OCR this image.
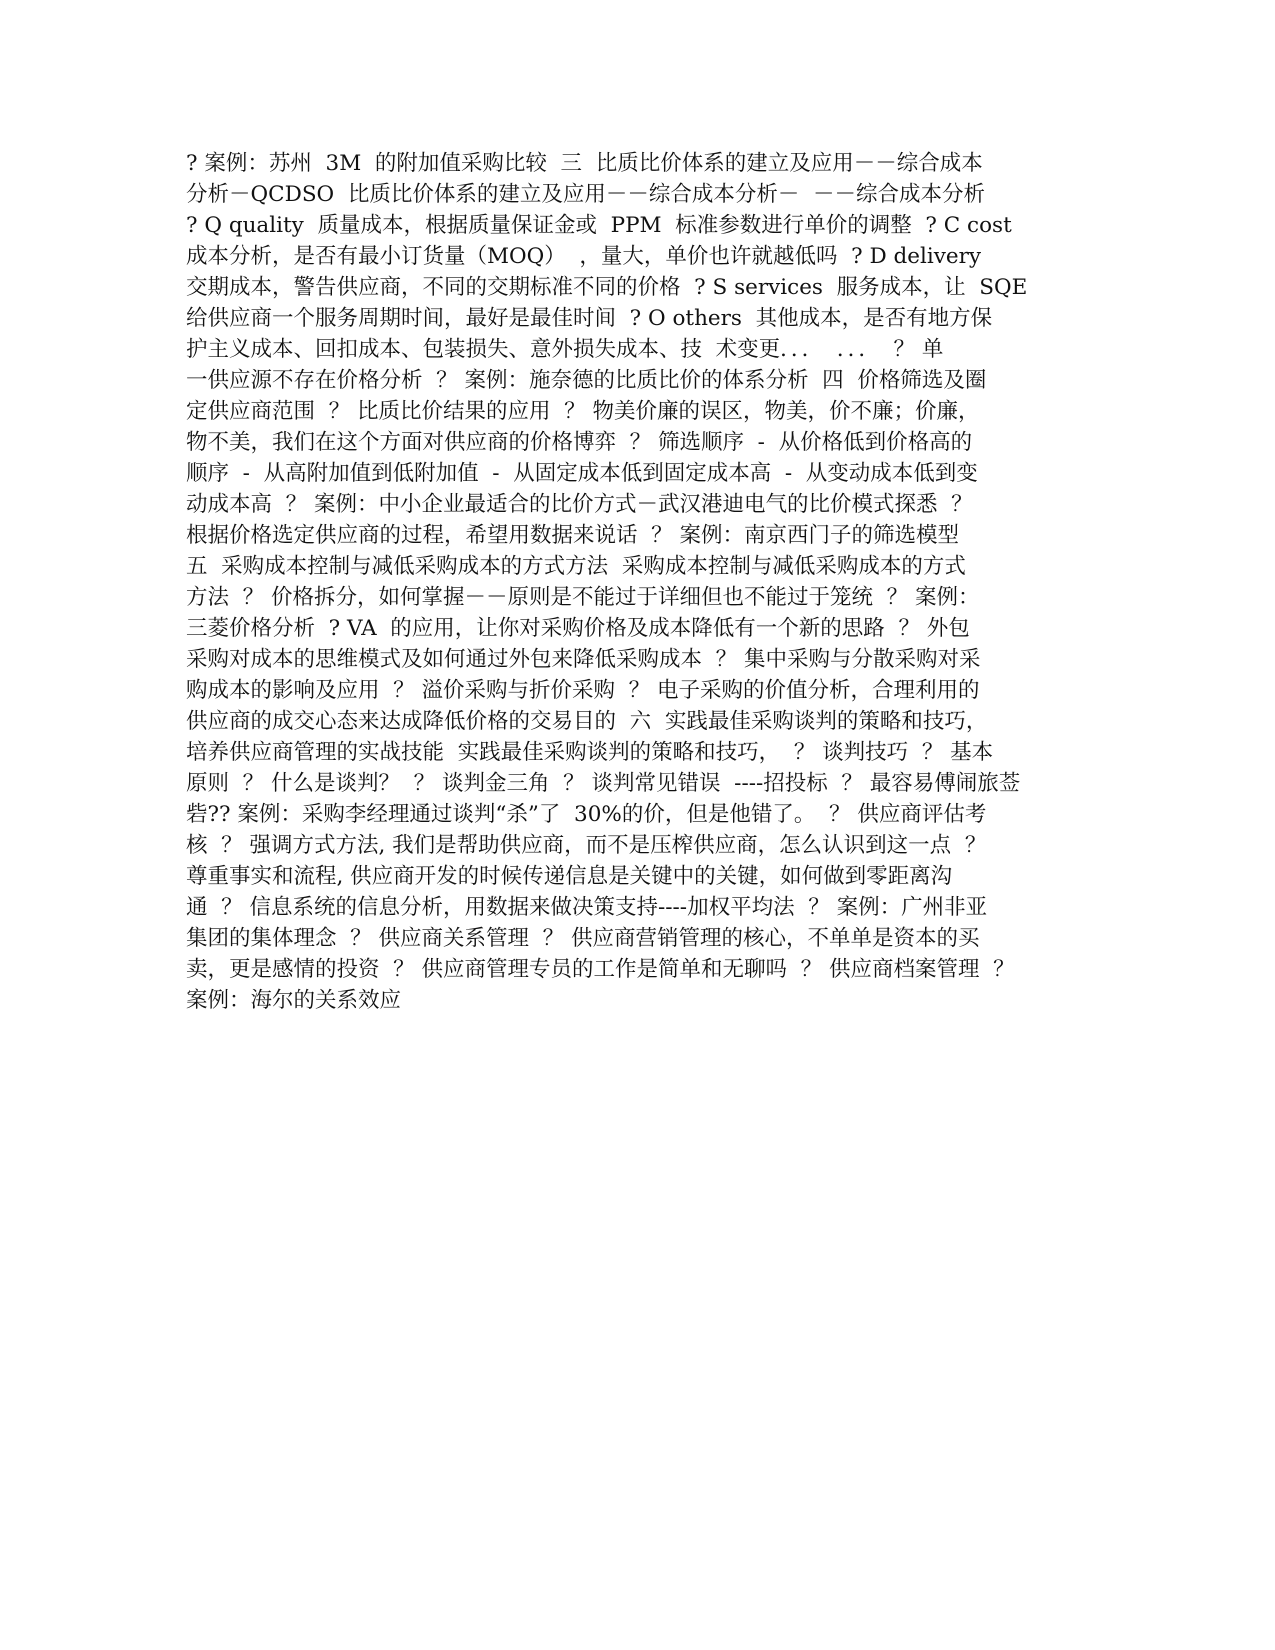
? 案例：苏州  3M  的附加值采购比较  三  比质比价体系的建立及应用－－综合成本
分析－QCDSO  比质比价体系的建立及应用－－综合成本分析－  －－综合成本分析
? Q quality  质量成本，根据质量保证金或  PPM  标准参数进行单价的调整  ? C cost
成本分析，是否有最小订货量（MOQ）  ，量大，单价也许就越低吗  ? D delivery
交期成本，警告供应商，不同的交期标准不同的价格  ? S services  服务成本，让  SQE
给供应商一个服务周期时间，最好是最佳时间  ? O others  其他成本，是否有地方保
护主义成本、回扣成本、包装损失、意外损失成本、技  术变更．．．  ．．．  ？ 单
一供应源不存在价格分析  ？ 案例：施奈德的比质比价的体系分析  四  价格筛选及圈
定供应商范围  ？ 比质比价结果的应用  ？ 物美价廉的误区，物美，价不廉；价廉，
物不美，我们在这个方面对供应商的价格博弈  ？ 筛选顺序  -  从价格低到价格高的
顺序  -  从高附加值到低附加值  -  从固定成本低到固定成本高  -  从变动成本低到变
动成本高  ？ 案例：中小企业最适合的比价方式－武汉港迪电气的比价模式探悉  ？
根据价格选定供应商的过程，希望用数据来说话  ？ 案例：南京西门子的筛选模型
五  采购成本控制与减低采购成本的方式方法  采购成本控制与减低采购成本的方式
方法  ？ 价格拆分，如何掌握－－原则是不能过于详细但也不能过于笼统  ？ 案例：
三菱价格分析  ? VA  的应用，让你对采购价格及成本降低有一个新的思路  ？ 外包
采购对成本的思维模式及如何通过外包来降低采购成本  ？ 集中采购与分散采购对采
购成本的影响及应用  ？ 溢价采购与折价采购  ？ 电子采购的价值分析，合理利用的
供应商的成交心态来达成降低价格的交易目的  六  实践最佳采购谈判的策略和技巧，
培养供应商管理的实战技能  实践最佳采购谈判的策略和技巧，  ？ 谈判技巧  ？ 基本
原则  ？ 什么是谈判？  ？ 谈判金三角  ？ 谈判常见错误  ----招投标  ？ 最容易傅闹旅莶
砦?? 案例：采购李经理通过谈判“杀”了  30%的价，但是他错了。  ？ 供应商评估考
核  ？ 强调方式方法, 我们是帮助供应商，而不是压榨供应商，怎么认识到这一点  ？
尊重事实和流程, 供应商开发的时候传递信息是关键中的关键，如何做到零距离沟
通  ？ 信息系统的信息分析，用数据来做决策支持----加权平均法  ？ 案例：广州非亚
集团的集体理念  ？ 供应商关系管理  ？ 供应商营销管理的核心，不单单是资本的买
卖，更是感情的投资  ？ 供应商管理专员的工作是简单和无聊吗  ？ 供应商档案管理  ？
案例：海尔的关系效应
